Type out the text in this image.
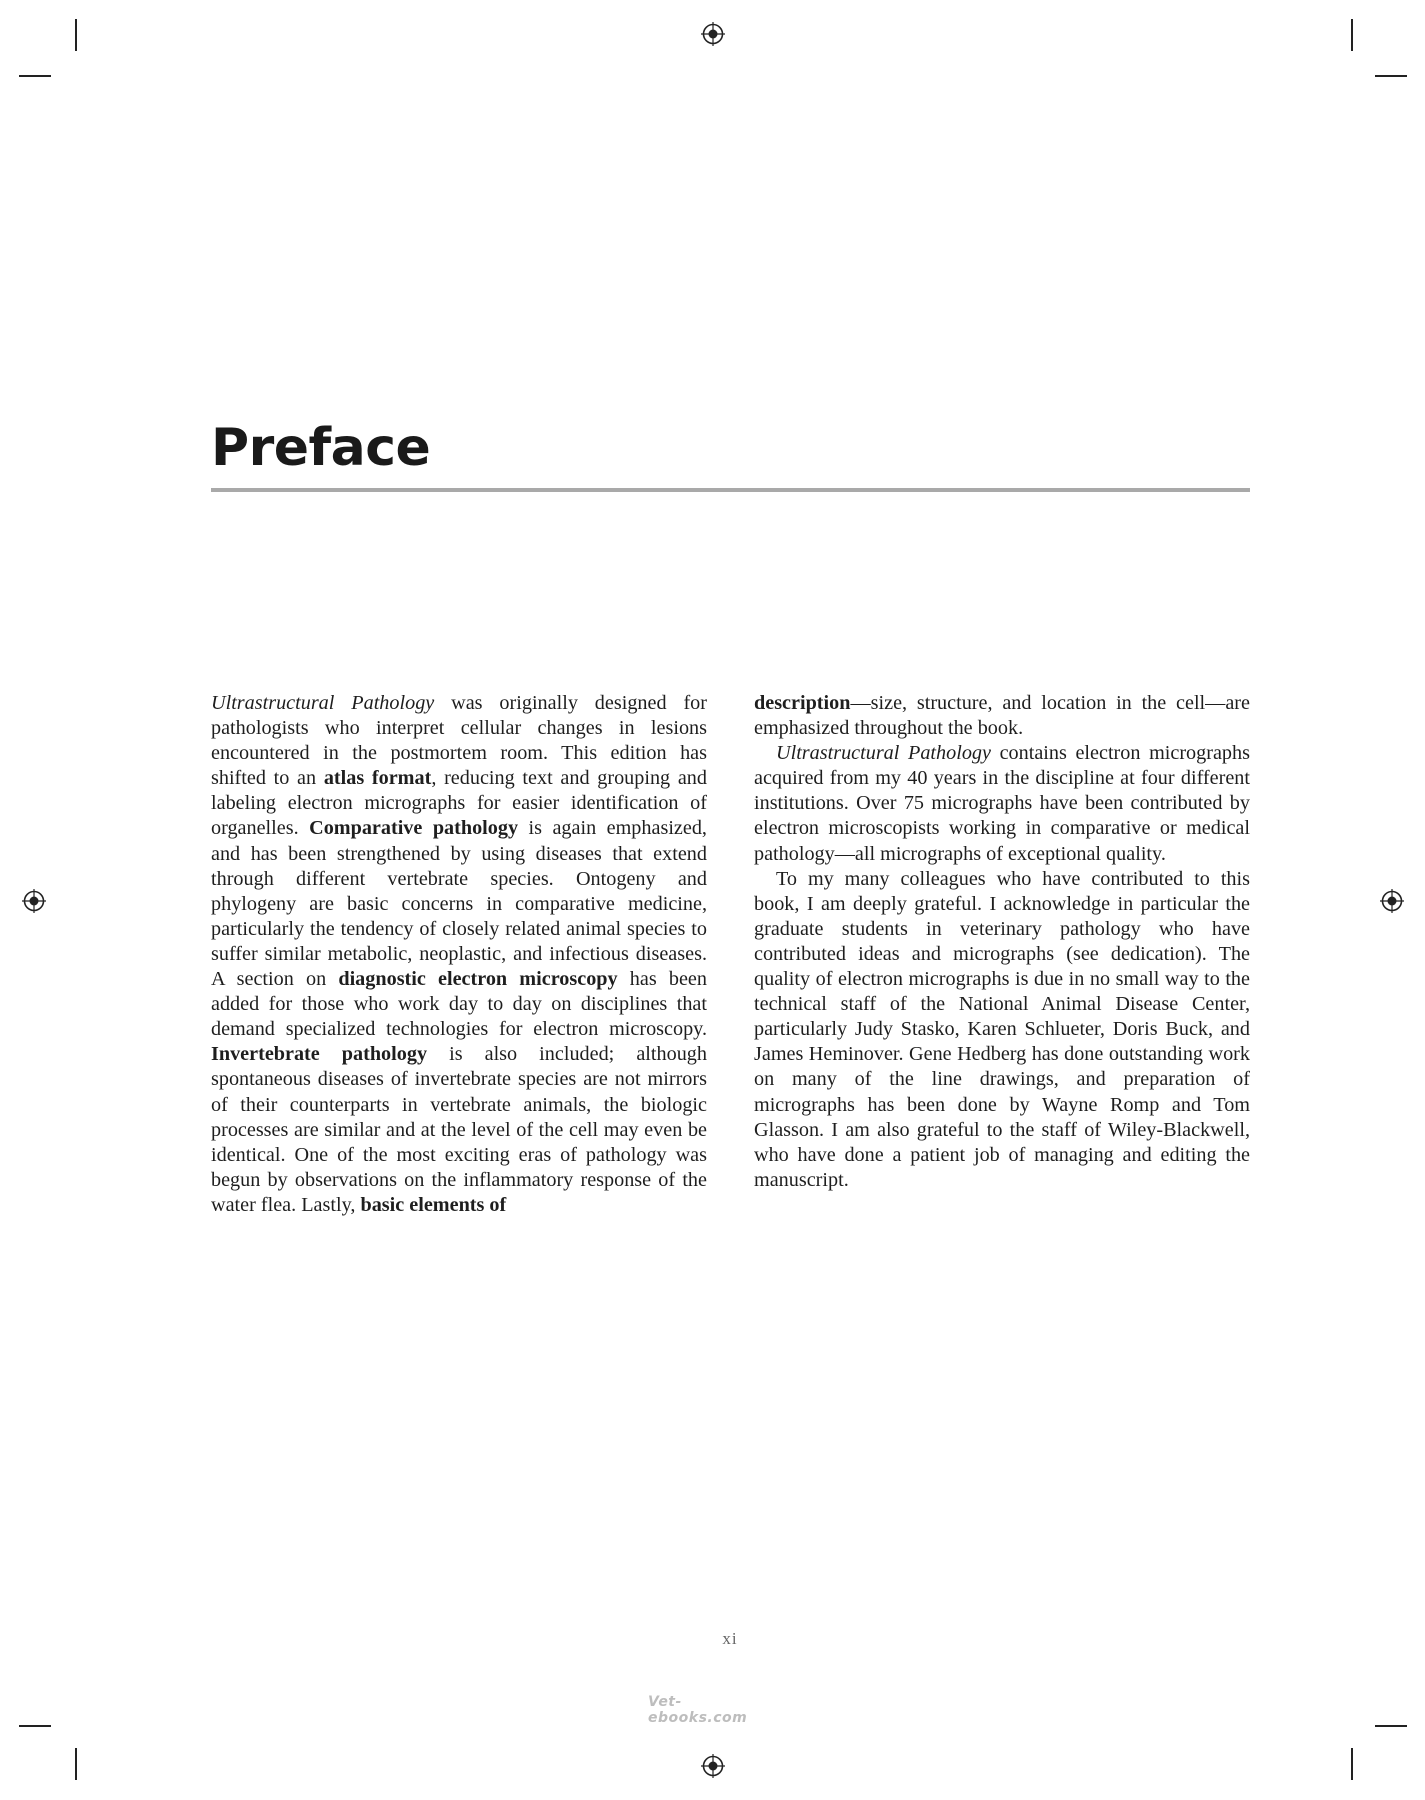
Preface

Ultrastructural Pathology was originally designed for pathologists who interpret cellular changes in lesions encountered in the postmortem room. This edition has shifted to an atlas format, reducing text and grouping and labeling electron micrographs for easier identification of organelles. Comparative pathology is again emphasized, and has been strengthened by using diseases that extend through different vertebrate species. Ontogeny and phylogeny are basic concerns in comparative medicine, particularly the tendency of closely related animal species to suffer similar metabolic, neoplastic, and infectious diseases. A section on diagnostic electron microscopy has been added for those who work day to day on disciplines that demand specialized technologies for electron microscopy. Invertebrate pathology is also included; although spontaneous diseases of invertebrate species are not mirrors of their counterparts in vertebrate animals, the biologic processes are similar and at the level of the cell may even be identical. One of the most exciting eras of pathology was begun by observations on the inflammatory response of the water flea. Lastly, basic elements of

description—size, structure, and location in the cell—are emphasized throughout the book.

Ultrastructural Pathology contains electron micrographs acquired from my 40 years in the discipline at four different institutions. Over 75 micrographs have been contributed by electron microscopists working in comparative or medical pathology—all micrographs of exceptional quality.

To my many colleagues who have contributed to this book, I am deeply grateful. I acknowledge in particular the graduate students in veterinary pathology who have contributed ideas and micrographs (see dedication). The quality of electron micrographs is due in no small way to the technical staff of the National Animal Disease Center, particularly Judy Stasko, Karen Schlueter, Doris Buck, and James Heminover. Gene Hedberg has done outstanding work on many of the line drawings, and preparation of micrographs has been done by Wayne Romp and Tom Glasson. I am also grateful to the staff of Wiley-Blackwell, who have done a patient job of managing and editing the manuscript.

xi
Vet-ebooks.com
